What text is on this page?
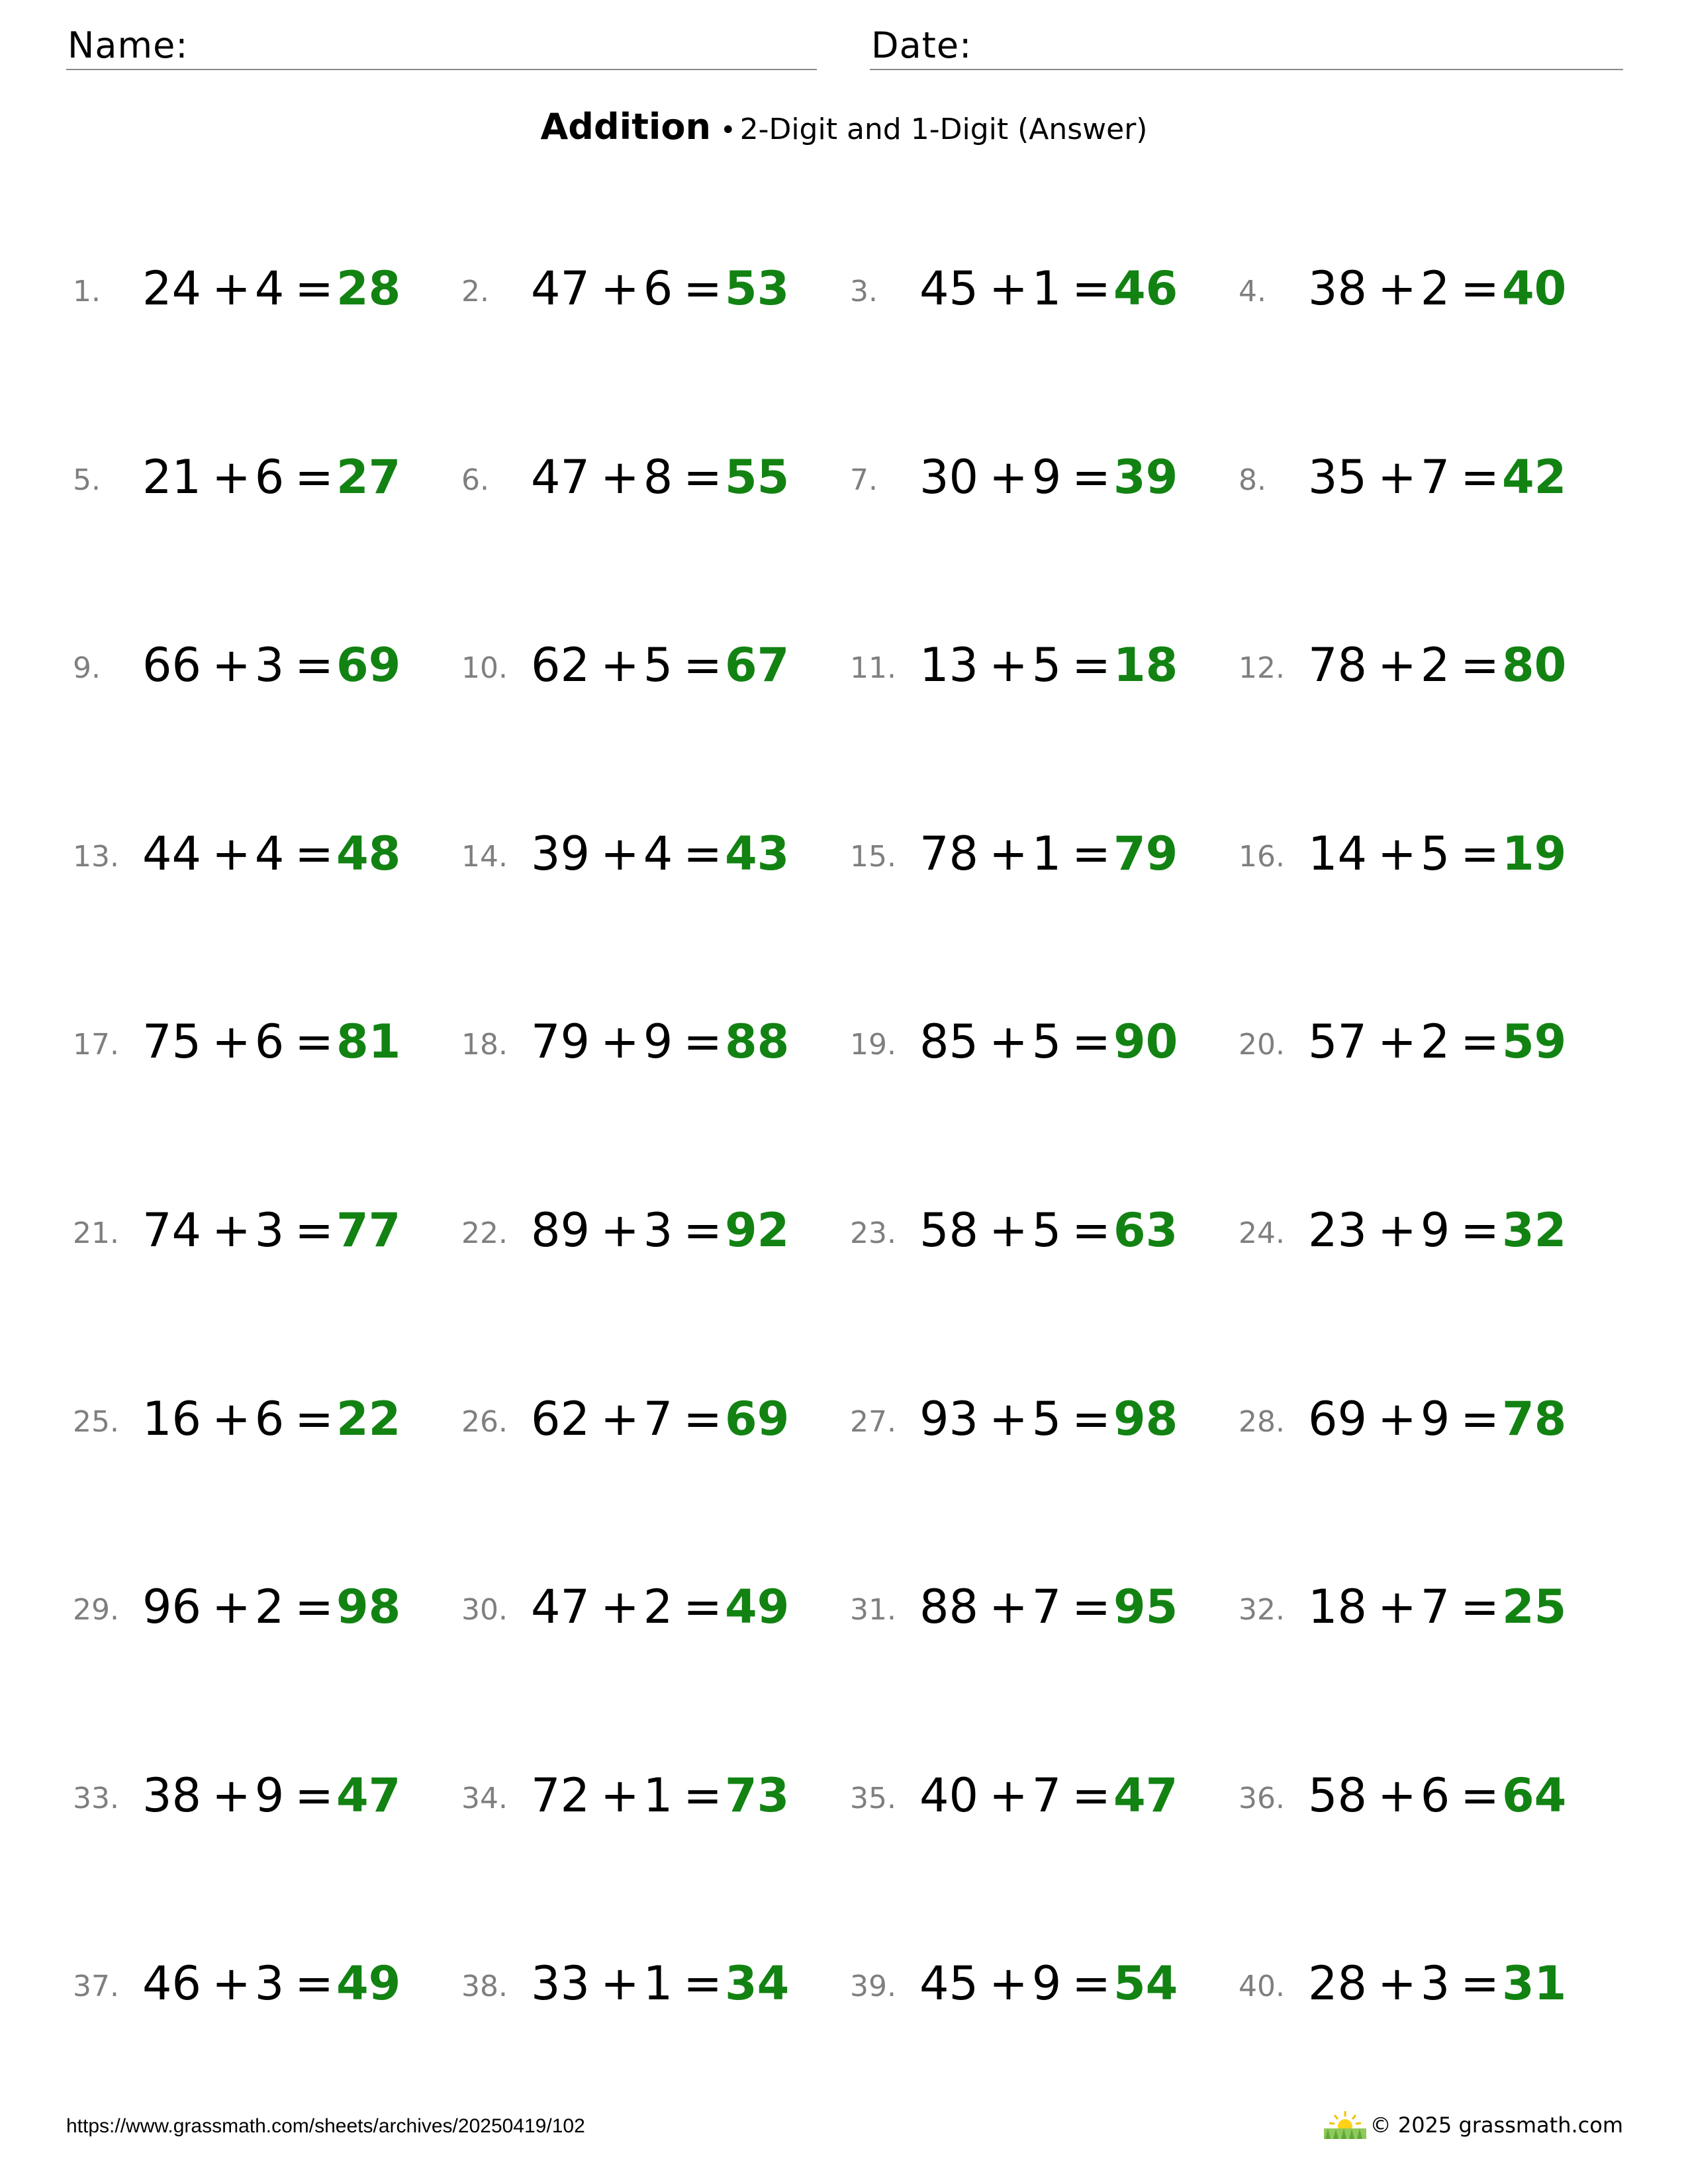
Name:	Date:
Addition • 2-Digit and 1-Digit (Answer)
1. 24 +4 =28 2. 47 +6 =53 3. 45 +1 =46 4. 38 +2 =40
5. 21 +6 =27 6. 47 +8 =55 7. 30 +9 =39 8. 35 +7 =42
9. 66 +3 =69 10. 62 +5 =67 11. 13 +5 =18 12. 78 +2 =80
13. 44 +4 =48 14. 39 +4 =43 15. 78 +1 =79 16. 14 +5 =19
17. 75 +6 =81 18. 79 +9 =88 19. 85 +5 =90 20. 57 +2 =59
21. 74 +3 =77 22. 89 +3 =92 23. 58 +5 =63 24. 23 +9 =32
25. 16 +6 =22 26. 62 +7 =69 27. 93 +5 =98 28. 69 +9 =78
29. 96 +2 =98 30. 47 +2 =49 31. 88 +7 =95 32. 18 +7 =25
33. 38 +9 =47 34. 72 +1 =73 35. 40 +7 =47 36. 58 +6 =64
37. 46 +3 =49 38. 33 +1 =34 39. 45 +9 =54 40. 28 +3 =31
https://www.grassmath.com/sheets/archives/20250419/102	© 2025 grassmath.com
